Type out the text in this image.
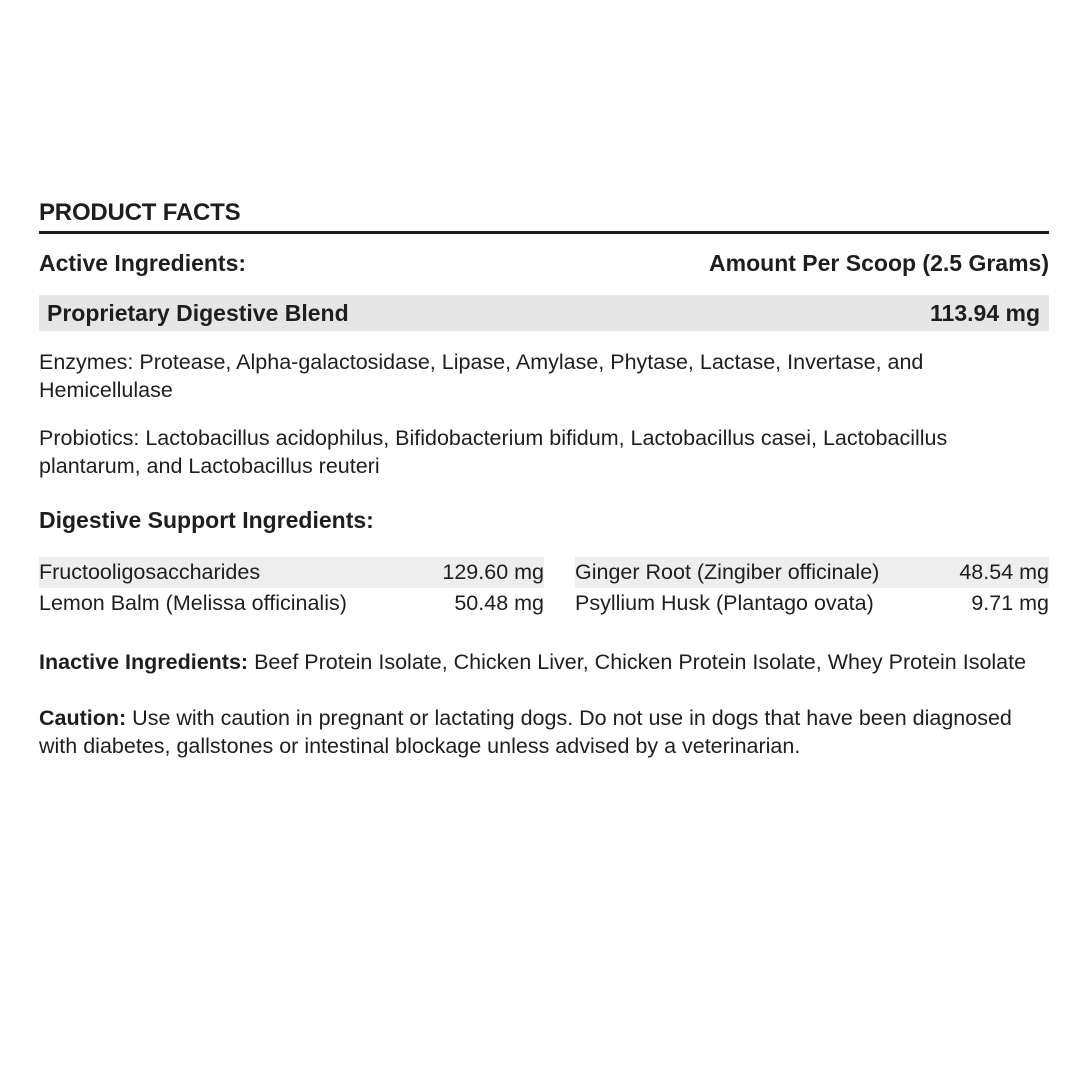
PRODUCT FACTS
Active Ingredients:	Amount Per Scoop (2.5 Grams)
Proprietary Digestive Blend	113.94 mg

Enzymes: Protease, Alpha-galactosidase, Lipase, Amylase, Phytase, Lactase, Invertase, and Hemicellulase

Probiotics: Lactobacillus acidophilus, Bifidobacterium bifidum, Lactobacillus casei, Lactobacillus plantarum, and Lactobacillus reuteri

Digestive Support Ingredients:
Fructooligosaccharides	129.60 mg
Lemon Balm (Melissa officinalis)	50.48 mg
Ginger Root (Zingiber officinale)	48.54 mg
Psyllium Husk (Plantago ovata)	9.71 mg

Inactive Ingredients: Beef Protein Isolate, Chicken Liver, Chicken Protein Isolate, Whey Protein Isolate

Caution: Use with caution in pregnant or lactating dogs. Do not use in dogs that have been diagnosed with diabetes, gallstones or intestinal blockage unless advised by a veterinarian.
